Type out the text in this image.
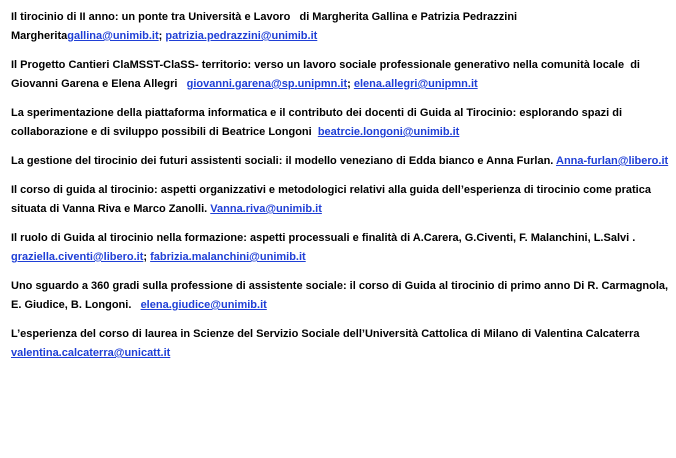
Il tirocinio di II anno: un ponte tra Università e Lavoro   di Margherita Gallina e Patrizia Pedrazzini Margheritagallina@unimib.it; patrizia.pedrazzini@unimib.it

Il Progetto Cantieri ClaMSST-ClaSS- territorio: verso un lavoro sociale professionale generativo nella comunità locale  di Giovanni Garena e Elena Allegri   giovanni.garena@sp.unipmn.it; elena.allegri@unipmn.it

La sperimentazione della piattaforma informatica e il contributo dei docenti di Guida al Tirocinio: esplorando spazi di collaborazione e di sviluppo possibili di Beatrice Longoni  beatrcie.longoni@unimib.it

La gestione del tirocinio dei futuri assistenti sociali: il modello veneziano di Edda bianco e Anna Furlan. Anna-furlan@libero.it

Il corso di guida al tirocinio: aspetti organizzativi e metodologici relativi alla guida dell’esperienza di tirocinio come pratica situata di Vanna Riva e Marco Zanolli. Vanna.riva@unimib.it

Il ruolo di Guida al tirocinio nella formazione: aspetti processuali e finalità di A.Carera, G.Civenti, F. Malanchini, L.Salvi . graziella.civenti@libero.it; fabrizia.malanchini@unimib.it

Uno sguardo a 360 gradi sulla professione di assistente sociale: il corso di Guida al tirocinio di primo anno Di R. Carmagnola, E. Giudice, B. Longoni.   elena.giudice@unimib.it

L’esperienza del corso di laurea in Scienze del Servizio Sociale dell’Università Cattolica di Milano di Valentina Calcaterra valentina.calcaterra@unicatt.it
